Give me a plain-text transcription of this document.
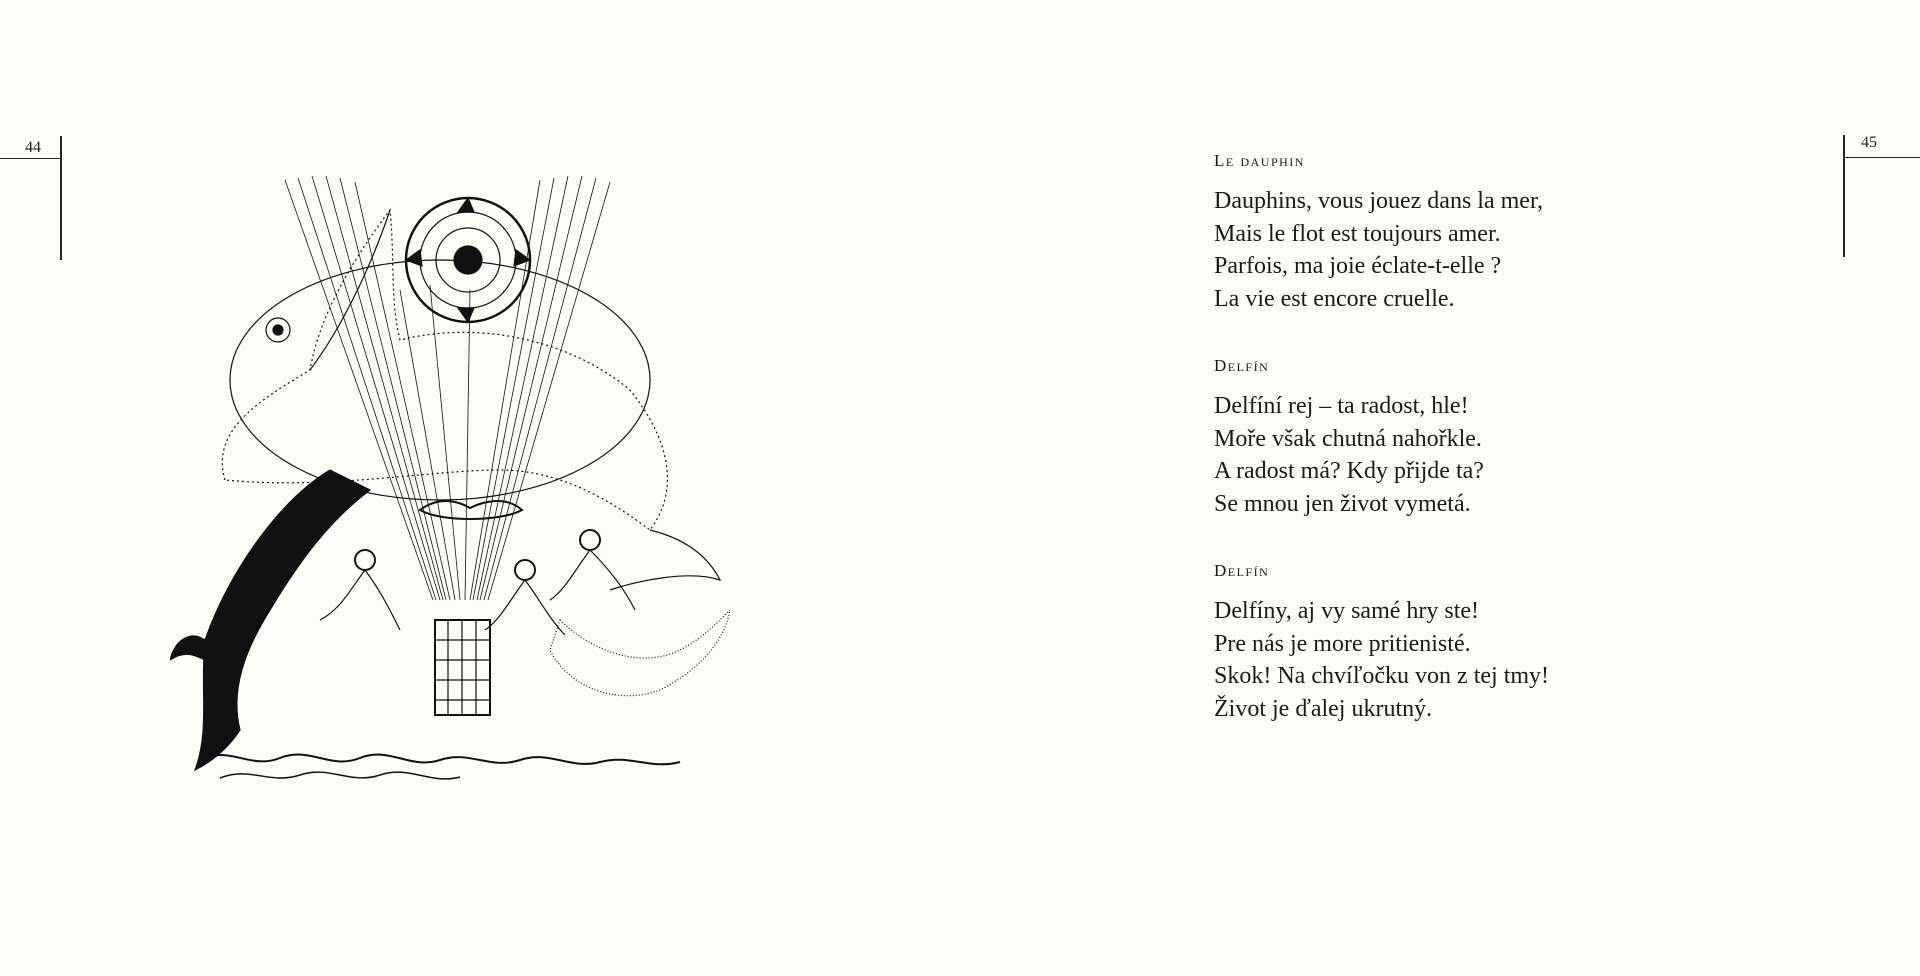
44	45
Le dauphin
Dauphins, vous jouez dans la mer,
Mais le flot est toujours amer.
Parfois, ma joie éclate-t-elle ?
La vie est encore cruelle.
Delfín
Delfíní rej – ta radost, hle!
Moře však chutná nahořkle.
A radost má? Kdy přijde ta?
Se mnou jen život vymetá.
Delfín
Delfíny, aj vy samé hry ste!
Pre nás je more pritienisté.
Skok! Na chvíľočku von z tej tmy!
Život je ďalej ukrutný.
